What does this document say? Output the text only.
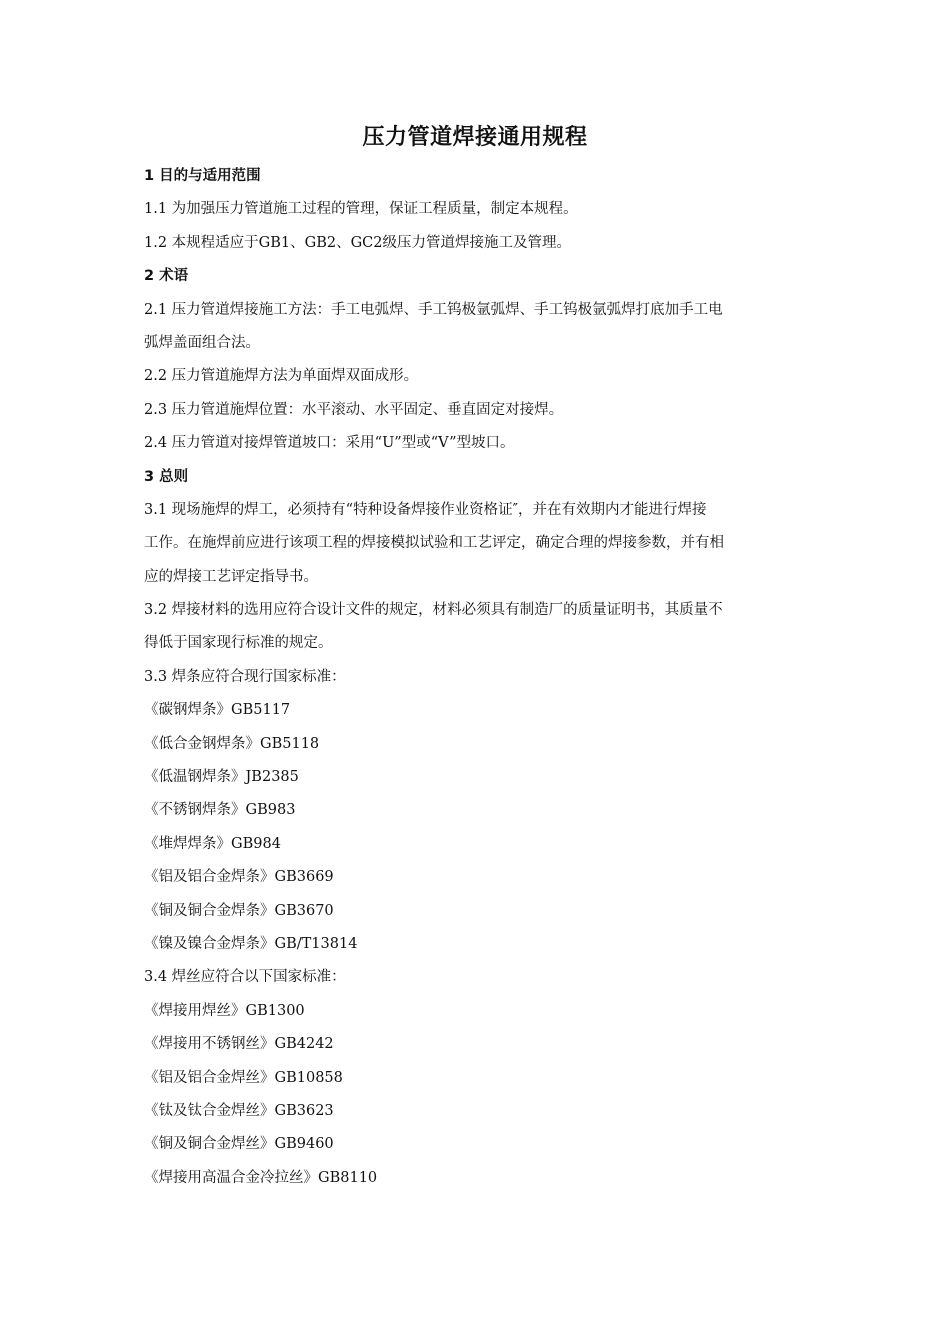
压力管道焊接通用规程
1 目的与适用范围
1.1 为加强压力管道施工过程的管理，保证工程质量，制定本规程。
1.2 本规程适应于GB1、GB2、GC2级压力管道焊接施工及管理。
2 术语
2.1 压力管道焊接施工方法：手工电弧焊、手工钨极氩弧焊、手工钨极氩弧焊打底加手工电
弧焊盖面组合法。
2.2 压力管道施焊方法为单面焊双面成形。
2.3 压力管道施焊位置：水平滚动、水平固定、垂直固定对接焊。
2.4 压力管道对接焊管道坡口：采用“U”型或“V”型坡口。
3 总则
3.1 现场施焊的焊工，必须持有“特种设备焊接作业资格证″，并在有效期内才能进行焊接
工作。在施焊前应进行该项工程的焊接模拟试验和工艺评定，确定合理的焊接参数，并有相
应的焊接工艺评定指导书。
3.2 焊接材料的选用应符合设计文件的规定，材料必须具有制造厂的质量证明书，其质量不
得低于国家现行标准的规定。
3.3 焊条应符合现行国家标准：
《碳钢焊条》GB5117
《低合金钢焊条》GB5118
《低温钢焊条》JB2385
《不锈钢焊条》GB983
《堆焊焊条》GB984
《铝及铝合金焊条》GB3669
《铜及铜合金焊条》GB3670
《镍及镍合金焊条》GB/T13814
3.4 焊丝应符合以下国家标准：
《焊接用焊丝》GB1300
《焊接用不锈钢丝》GB4242
《铝及铝合金焊丝》GB10858
《钛及钛合金焊丝》GB3623
《铜及铜合金焊丝》GB9460
《焊接用高温合金冷拉丝》GB8110
